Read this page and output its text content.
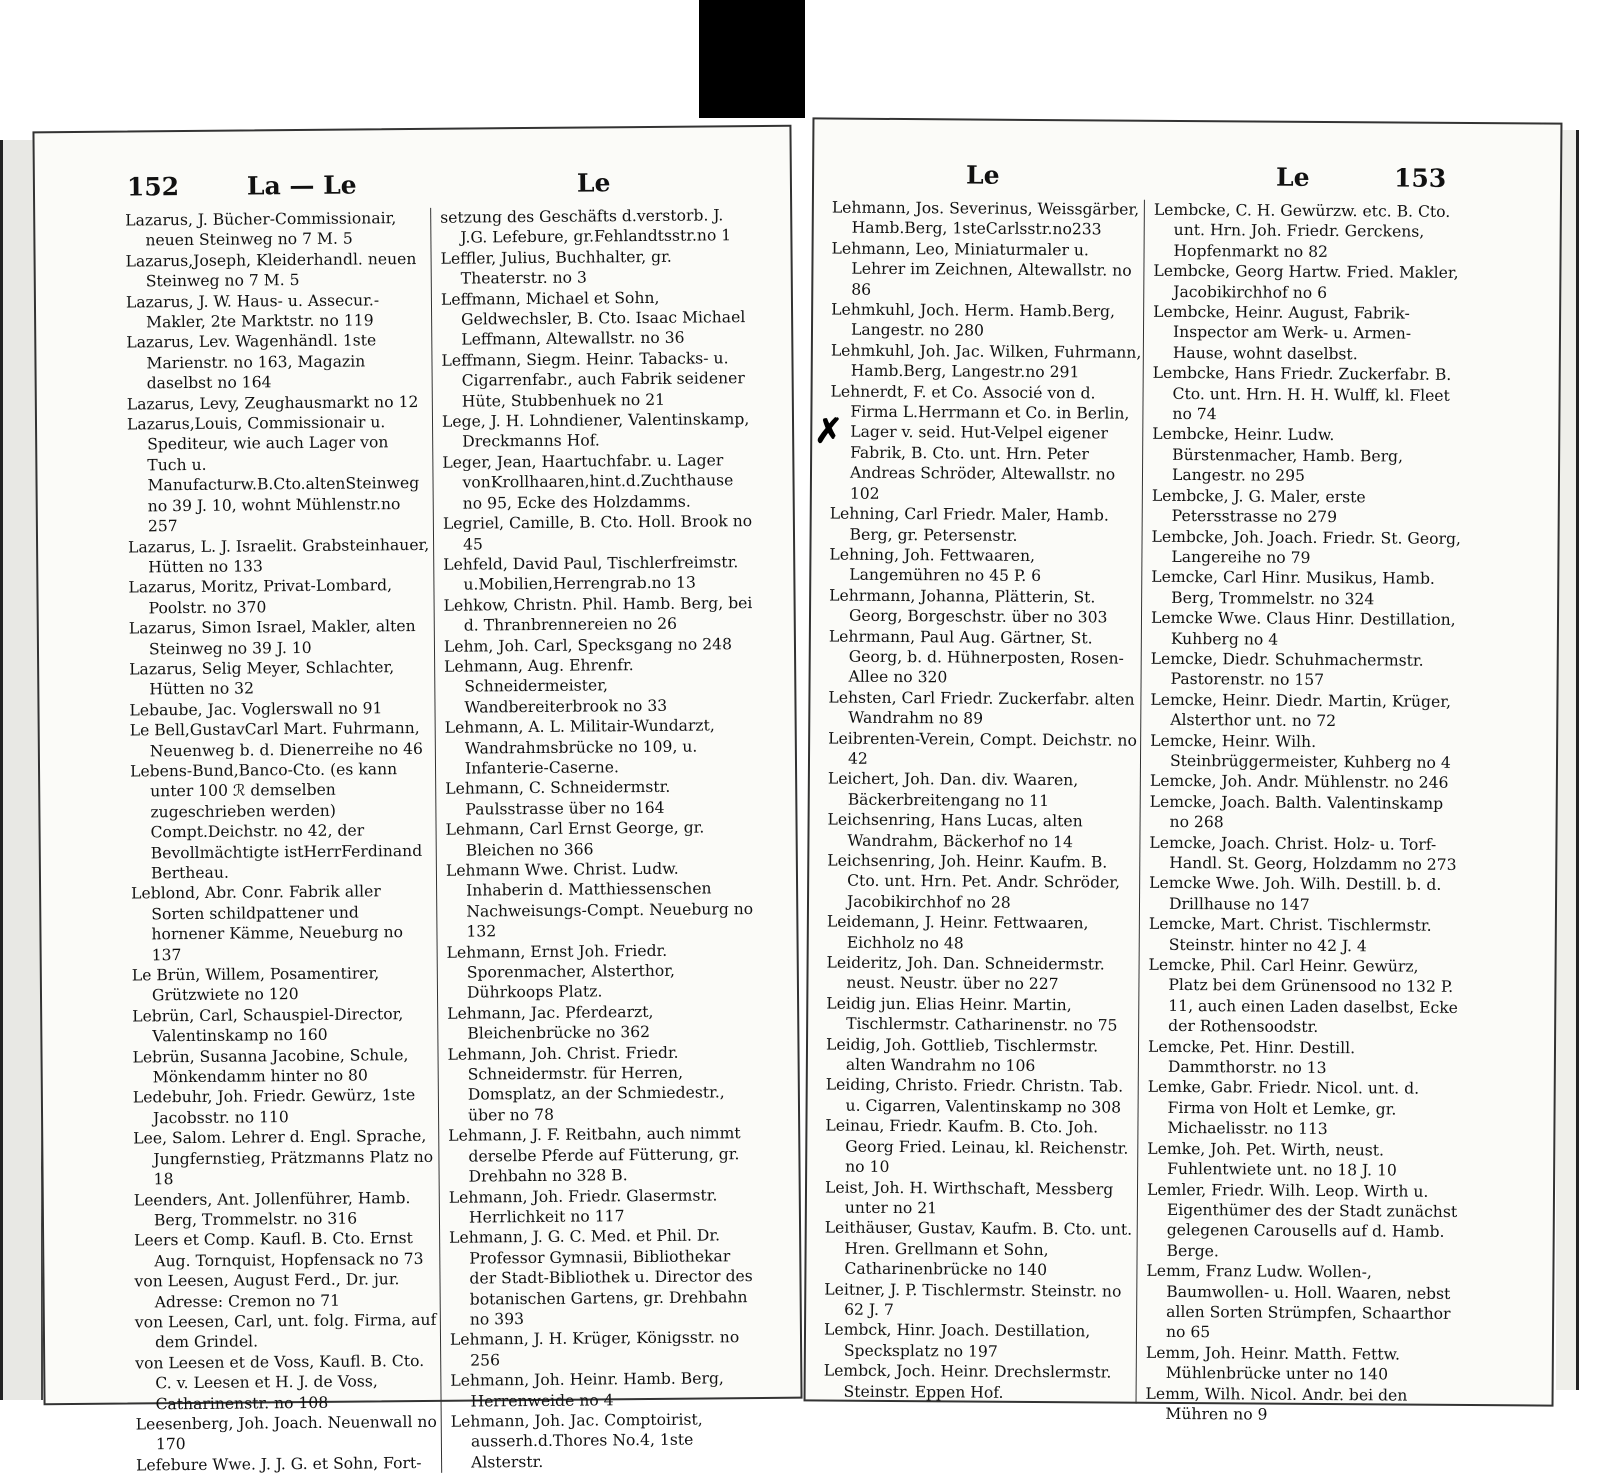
152	La — Le	Le

Lazarus, J. Bücher-Commissionair, neuen Steinweg no 7 M. 5

Lazarus,Joseph, Kleiderhandl. neuen Steinweg no 7 M. 5

Lazarus, J. W. Haus- u. Assecur.-Makler, 2te Marktstr. no 119

Lazarus, Lev. Wagenhändl. 1ste Marienstr. no 163, Magazin daselbst no 164

Lazarus, Levy, Zeughausmarkt no 12

Lazarus,Louis, Commissionair u. Spediteur, wie auch Lager von Tuch u. Manufacturw.B.Cto.altenSteinweg no 39 J. 10, wohnt Mühlenstr.no 257

Lazarus, L. J. Israelit. Grabsteinhauer, Hütten no 133

Lazarus, Moritz, Privat-Lombard, Poolstr. no 370

Lazarus, Simon Israel, Makler, alten Steinweg no 39 J. 10

Lazarus, Selig Meyer, Schlachter, Hütten no 32

Lebaube, Jac. Voglerswall no 91

Le Bell,GustavCarl Mart. Fuhrmann, Neuenweg b. d. Dienerreihe no 46

Lebens-Bund,Banco-Cto. (es kann unter 100 ℛ demselben zugeschrieben werden) Compt.Deichstr. no 42, der Bevollmächtigte istHerrFerdinand Bertheau.

Leblond, Abr. Conr. Fabrik aller Sorten schildpattener und hornener Kämme, Neueburg no 137

Le Brün, Willem, Posamentirer, Grützwiete no 120

Lebrün, Carl, Schauspiel-Director, Valentinskamp no 160

Lebrün, Susanna Jacobine, Schule, Mönkendamm hinter no 80

Ledebuhr, Joh. Friedr. Gewürz, 1ste Jacobsstr. no 110

Lee, Salom. Lehrer d. Engl. Sprache, Jungfernstieg, Prätzmanns Platz no 18

Leenders, Ant. Jollenführer, Hamb. Berg, Trommelstr. no 316

Leers et Comp. Kaufl. B. Cto. Ernst Aug. Tornquist, Hopfensack no 73

von Leesen, August Ferd., Dr. jur. Adresse: Cremon no 71

von Leesen, Carl, unt. folg. Firma, auf dem Grindel.

von Leesen et de Voss, Kaufl. B. Cto. C. v. Leesen et H. J. de Voss, Catharinenstr. no 108

Leesenberg, Joh. Joach. Neuenwall no 170

Lefebure Wwe. J. J. G. et Sohn, Fort-

setzung des Geschäfts d.verstorb. J. J.G. Lefebure, gr.Fehlandtsstr.no 1

Leffler, Julius, Buchhalter, gr. Theaterstr. no 3

Leffmann, Michael et Sohn, Geldwechsler, B. Cto. Isaac Michael Leffmann, Altewallstr. no 36

Leffmann, Siegm. Heinr. Tabacks- u. Cigarrenfabr., auch Fabrik seidener Hüte, Stubbenhuek no 21

Lege, J. H. Lohndiener, Valentinskamp, Dreckmanns Hof.

Leger, Jean, Haartuchfabr. u. Lager vonKrollhaaren,hint.d.Zuchthause no 95, Ecke des Holzdamms.

Legriel, Camille, B. Cto. Holl. Brook no 45

Lehfeld, David Paul, Tischlerfreimstr. u.Mobilien,Herrengrab.no 13

Lehkow, Christn. Phil. Hamb. Berg, bei d. Thranbrennereien no 26

Lehm, Joh. Carl, Specksgang no 248

Lehmann, Aug. Ehrenfr. Schneidermeister, Wandbereiterbrook no 33

Lehmann, A. L. Militair-Wundarzt, Wandrahmsbrücke no 109, u. Infanterie-Caserne.

Lehmann, C. Schneidermstr. Paulsstrasse über no 164

Lehmann, Carl Ernst George, gr. Bleichen no 366

Lehmann Wwe. Christ. Ludw. Inhaberin d. Matthiessenschen Nachweisungs-Compt. Neueburg no 132

Lehmann, Ernst Joh. Friedr. Sporenmacher, Alsterthor, Dührkoops Platz.

Lehmann, Jac. Pferdearzt, Bleichenbrücke no 362

Lehmann, Joh. Christ. Friedr. Schneidermstr. für Herren, Domsplatz, an der Schmiedestr., über no 78

Lehmann, J. F. Reitbahn, auch nimmt derselbe Pferde auf Fütterung, gr. Drehbahn no 328 B.

Lehmann, Joh. Friedr. Glasermstr. Herrlichkeit no 117

Lehmann, J. G. C. Med. et Phil. Dr. Professor Gymnasii, Bibliothekar der Stadt-Bibliothek u. Director des botanischen Gartens, gr. Drehbahn no 393

Lehmann, J. H. Krüger, Königsstr. no 256

Lehmann, Joh. Heinr. Hamb. Berg, Herrenweide no 4

Lehmann, Joh. Jac. Comptoirist, ausserh.d.Thores No.4, 1ste Alsterstr.

Le	Le	153
✗

Lehmann, Jos. Severinus, Weissgärber, Hamb.Berg, 1steCarlsstr.no233

Lehmann, Leo, Miniaturmaler u. Lehrer im Zeichnen, Altewallstr. no 86

Lehmkuhl, Joch. Herm. Hamb.Berg, Langestr. no 280

Lehmkuhl, Joh. Jac. Wilken, Fuhrmann, Hamb.Berg, Langestr.no 291

Lehnerdt, F. et Co. Associé von d. Firma L.Herrmann et Co. in Berlin, Lager v. seid. Hut-Velpel eigener Fabrik, B. Cto. unt. Hrn. Peter Andreas Schröder, Altewallstr. no 102

Lehning, Carl Friedr. Maler, Hamb. Berg, gr. Petersenstr.

Lehning, Joh. Fettwaaren, Langemühren no 45 P. 6

Lehrmann, Johanna, Plätterin, St. Georg, Borgeschstr. über no 303

Lehrmann, Paul Aug. Gärtner, St. Georg, b. d. Hühnerposten, Rosen-Allee no 320

Lehsten, Carl Friedr. Zuckerfabr. alten Wandrahm no 89

Leibrenten-Verein, Compt. Deichstr. no 42

Leichert, Joh. Dan. div. Waaren, Bäckerbreitengang no 11

Leichsenring, Hans Lucas, alten Wandrahm, Bäckerhof no 14

Leichsenring, Joh. Heinr. Kaufm. B. Cto. unt. Hrn. Pet. Andr. Schröder, Jacobikirchhof no 28

Leidemann, J. Heinr. Fettwaaren, Eichholz no 48

Leideritz, Joh. Dan. Schneidermstr. neust. Neustr. über no 227

Leidig jun. Elias Heinr. Martin, Tischlermstr. Catharinenstr. no 75

Leidig, Joh. Gottlieb, Tischlermstr. alten Wandrahm no 106

Leiding, Christo. Friedr. Christn. Tab. u. Cigarren, Valentinskamp no 308

Leinau, Friedr. Kaufm. B. Cto. Joh. Georg Fried. Leinau, kl. Reichenstr. no 10

Leist, Joh. H. Wirthschaft, Messberg unter no 21

Leithäuser, Gustav, Kaufm. B. Cto. unt. Hren. Grellmann et Sohn, Catharinenbrücke no 140

Leitner, J. P. Tischlermstr. Steinstr. no 62 J. 7

Lembck, Hinr. Joach. Destillation, Specksplatz no 197

Lembck, Joch. Heinr. Drechslermstr. Steinstr. Eppen Hof.

Lembcke, C. H. Gewürzw. etc. B. Cto. unt. Hrn. Joh. Friedr. Gerckens, Hopfenmarkt no 82

Lembcke, Georg Hartw. Fried. Makler, Jacobikirchhof no 6

Lembcke, Heinr. August, Fabrik-Inspector am Werk- u. Armen-Hause, wohnt daselbst.

Lembcke, Hans Friedr. Zuckerfabr. B. Cto. unt. Hrn. H. H. Wulff, kl. Fleet no 74

Lembcke, Heinr. Ludw. Bürstenmacher, Hamb. Berg, Langestr. no 295

Lembcke, J. G. Maler, erste Petersstrasse no 279

Lembcke, Joh. Joach. Friedr. St. Georg, Langereihe no 79

Lemcke, Carl Hinr. Musikus, Hamb. Berg, Trommelstr. no 324

Lemcke Wwe. Claus Hinr. Destillation, Kuhberg no 4

Lemcke, Diedr. Schuhmachermstr. Pastorenstr. no 157

Lemcke, Heinr. Diedr. Martin, Krüger, Alsterthor unt. no 72

Lemcke, Heinr. Wilh. Steinbrüggermeister, Kuhberg no 4

Lemcke, Joh. Andr. Mühlenstr. no 246

Lemcke, Joach. Balth. Valentinskamp no 268

Lemcke, Joach. Christ. Holz- u. Torf-Handl. St. Georg, Holzdamm no 273

Lemcke Wwe. Joh. Wilh. Destill. b. d. Drillhause no 147

Lemcke, Mart. Christ. Tischlermstr. Steinstr. hinter no 42 J. 4

Lemcke, Phil. Carl Heinr. Gewürz, Platz bei dem Grünensood no 132 P. 11, auch einen Laden daselbst, Ecke der Rothensoodstr.

Lemcke, Pet. Hinr. Destill. Dammthorstr. no 13

Lemke, Gabr. Friedr. Nicol. unt. d. Firma von Holt et Lemke, gr. Michaelisstr. no 113

Lemke, Joh. Pet. Wirth, neust. Fuhlentwiete unt. no 18 J. 10

Lemler, Friedr. Wilh. Leop. Wirth u. Eigenthümer des der Stadt zunächst gelegenen Carousells auf d. Hamb. Berge.

Lemm, Franz Ludw. Wollen-, Baumwollen- u. Holl. Waaren, nebst allen Sorten Strümpfen, Schaarthor no 65

Lemm, Joh. Heinr. Matth. Fettw. Mühlenbrücke unter no 140

Lemm, Wilh. Nicol. Andr. bei den Mühren no 9
